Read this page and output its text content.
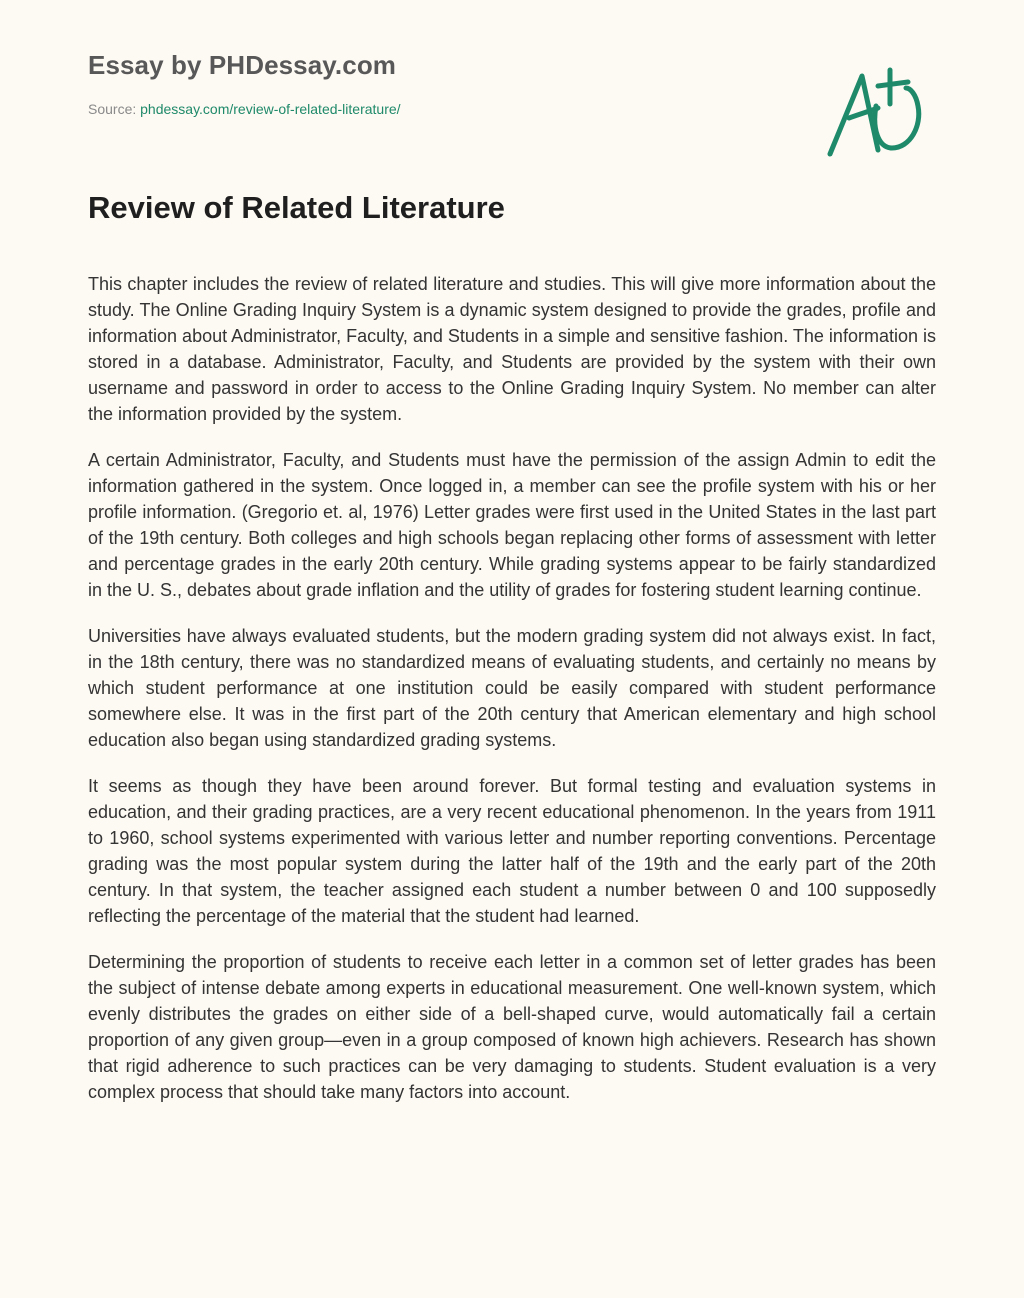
Essay by PHDessay.com
Source: phdessay.com/review-of-related-literature/
Review of Related Literature

This chapter includes the review of related literature and studies. This will give more information about the study. The Online Grading Inquiry System is a dynamic system designed to provide the grades, profile and information about Administrator, Faculty, and Students in a simple and sensitive fashion. The information is stored in a database. Administrator, Faculty, and Students are provided by the system with their own username and password in order to access to the Online Grading Inquiry System. No member can alter the information provided by the system.

A certain Administrator, Faculty, and Students must have the permission of the assign Admin to edit the information gathered in the system. Once logged in, a member can see the profile system with his or her profile information. (Gregorio et. al, 1976) Letter grades were first used in the United States in the last part of the 19th century. Both colleges and high schools began replacing other forms of assessment with letter and percentage grades in the early 20th century. While grading systems appear to be fairly standardized in the U. S., debates about grade inflation and the utility of grades for fostering student learning continue.

Universities have always evaluated students, but the modern grading system did not always exist. In fact, in the 18th century, there was no standardized means of evaluating students, and certainly no means by which student performance at one institution could be easily compared with student performance somewhere else. It was in the first part of the 20th century that American elementary and high school education also began using standardized grading systems.

It seems as though they have been around forever. But formal testing and evaluation systems in education, and their grading practices, are a very recent educational phenomenon. In the years from 1911 to 1960, school systems experimented with various letter and number reporting conventions. Percentage grading was the most popular system during the latter half of the 19th and the early part of the 20th century. In that system, the teacher assigned each student a number between 0 and 100 supposedly reflecting the percentage of the material that the student had learned.

Determining the proportion of students to receive each letter in a common set of letter grades has been the subject of intense debate among experts in educational measurement. One well-known system, which evenly distributes the grades on either side of a bell-shaped curve, would automatically fail a certain proportion of any given group—even in a group composed of known high achievers. Research has shown that rigid adherence to such practices can be very damaging to students. Student evaluation is a very complex process that should take many factors into account.
